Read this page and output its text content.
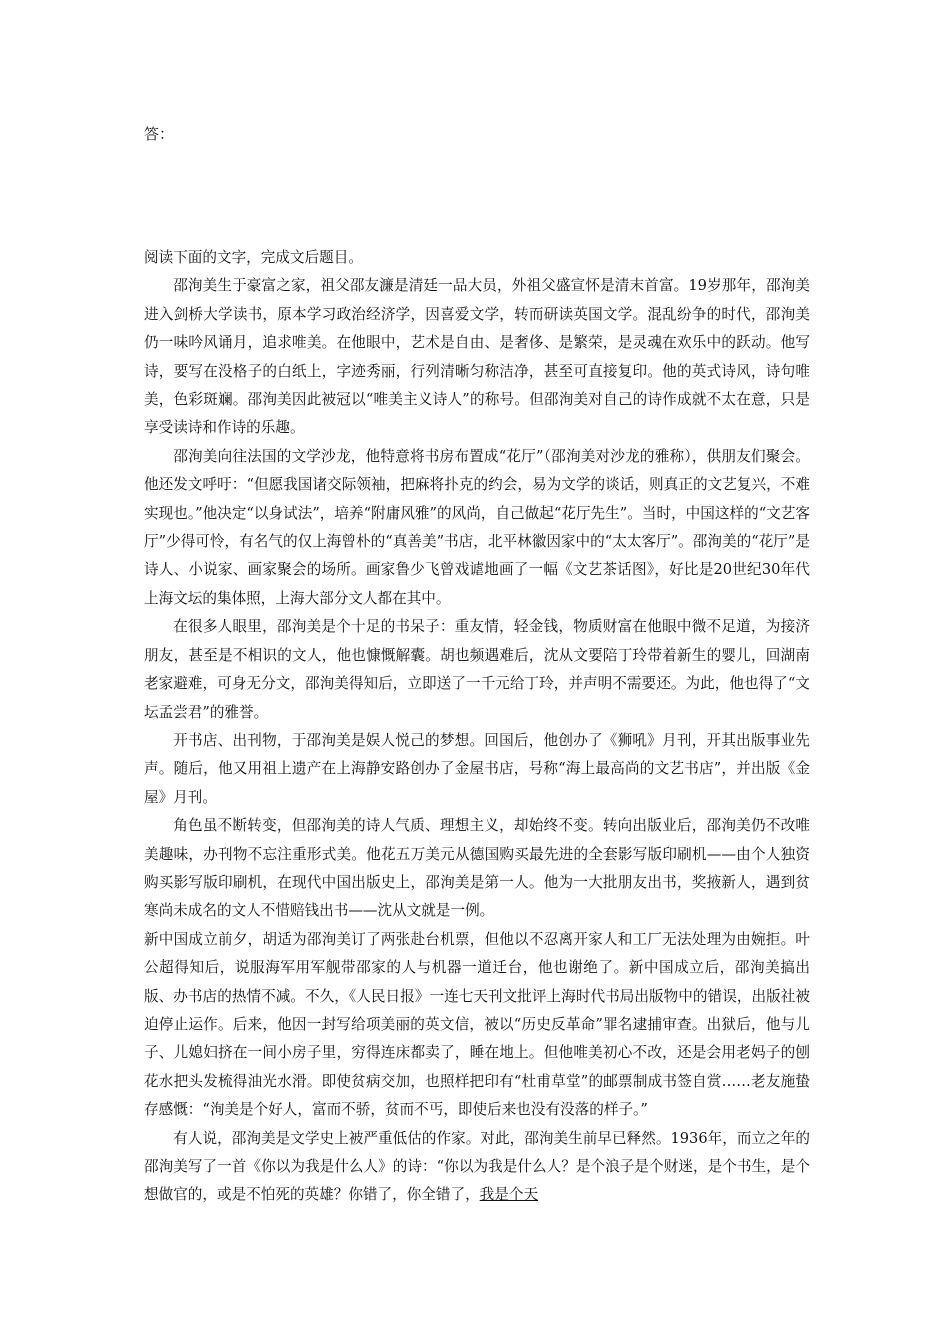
答：

阅读下面的文字，完成文后题目。

邵洵美生于豪富之家，祖父邵友濂是清廷一品大员，外祖父盛宣怀是清末首富。19岁那年，邵洵美进入剑桥大学读书，原本学习政治经济学，因喜爱文学，转而研读英国文学。混乱纷争的时代，邵洵美仍一味吟风诵月，追求唯美。在他眼中，艺术是自由、是奢侈、是繁荣，是灵魂在欢乐中的跃动。他写诗，要写在没格子的白纸上，字迹秀丽，行列清晰匀称洁净，甚至可直接复印。他的英式诗风，诗句唯美，色彩斑斓。邵洵美因此被冠以“唯美主义诗人”的称号。但邵洵美对自己的诗作成就不太在意，只是享受读诗和作诗的乐趣。

邵洵美向往法国的文学沙龙，他特意将书房布置成“花厅”（邵洵美对沙龙的雅称），供朋友们聚会。他还发文呼吁：“但愿我国诸交际领袖，把麻将扑克的约会，易为文学的谈话，则真正的文艺复兴，不难实现也。”他决定“以身试法”，培养“附庸风雅”的风尚，自己做起“花厅先生”。当时，中国这样的“文艺客厅”少得可怜，有名气的仅上海曾朴的“真善美”书店，北平林徽因家中的“太太客厅”。邵洵美的“花厅”是诗人、小说家、画家聚会的场所。画家鲁少飞曾戏谑地画了一幅《文艺茶话图》，好比是20世纪30年代上海文坛的集体照，上海大部分文人都在其中。

在很多人眼里，邵洵美是个十足的书呆子：重友情，轻金钱，物质财富在他眼中微不足道，为接济朋友，甚至是不相识的文人，他也慷慨解囊。胡也频遇难后，沈从文要陪丁玲带着新生的婴儿，回湖南老家避难，可身无分文，邵洵美得知后，立即送了一千元给丁玲，并声明不需要还。为此，他也得了“文坛孟尝君”的雅誉。

开书店、出刊物，于邵洵美是娱人悦己的梦想。回国后，他创办了《狮吼》月刊，开其出版事业先声。随后，他又用祖上遗产在上海静安路创办了金屋书店，号称“海上最高尚的文艺书店”，并出版《金屋》月刊。

角色虽不断转变，但邵洵美的诗人气质、理想主义，却始终不变。转向出版业后，邵洵美仍不改唯美趣味，办刊物不忘注重形式美。他花五万美元从德国购买最先进的全套影写版印刷机——由个人独资购买影写版印刷机，在现代中国出版史上，邵洵美是第一人。他为一大批朋友出书，奖掖新人，遇到贫寒尚未成名的文人不惜赔钱出书——沈从文就是一例。

新中国成立前夕，胡适为邵洵美订了两张赴台机票，但他以不忍离开家人和工厂无法处理为由婉拒。叶公超得知后，说服海军用军舰带邵家的人与机器一道迁台，他也谢绝了。新中国成立后，邵洵美搞出版、办书店的热情不减。不久，《人民日报》一连七天刊文批评上海时代书局出版物中的错误，出版社被迫停止运作。后来，他因一封写给项美丽的英文信，被以“历史反革命”罪名逮捕审查。出狱后，他与儿子、儿媳妇挤在一间小房子里，穷得连床都卖了，睡在地上。但他唯美初心不改，还是会用老妈子的刨花水把头发梳得油光水滑。即使贫病交加，也照样把印有“杜甫草堂”的邮票制成书签自赏……老友施蛰存感慨：“洵美是个好人，富而不骄，贫而不丐，即使后来也没有没落的样子。”

有人说，邵洵美是文学史上被严重低估的作家。对此，邵洵美生前早已释然。1936年，而立之年的邵洵美写了一首《你以为我是什么人》的诗：“你以为我是什么人？是个浪子是个财迷，是个书生，是个想做官的，或是不怕死的英雄？你错了，你全错了，我是个天
